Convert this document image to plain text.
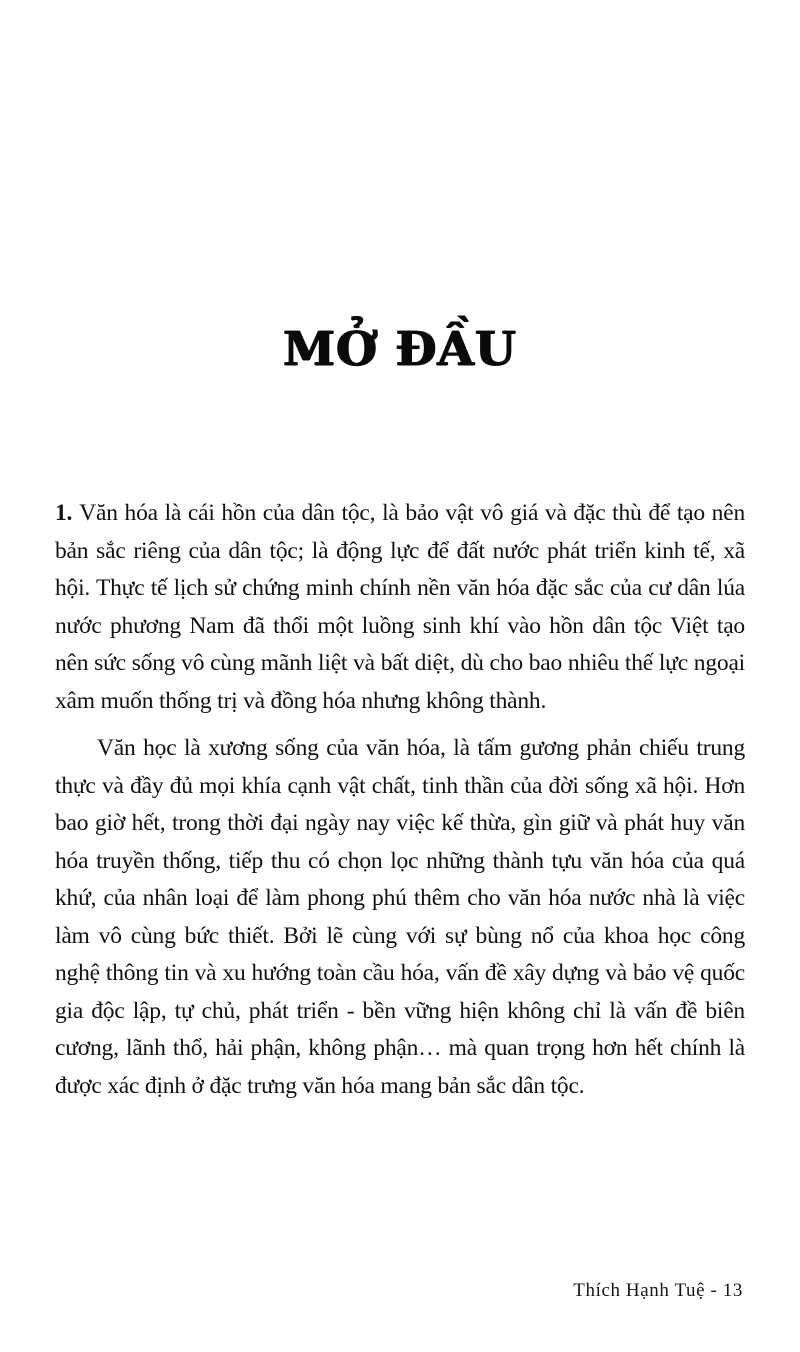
MỞ ĐẦU

1. Văn hóa là cái hồn của dân tộc, là bảo vật vô giá và đặc thù để tạo nên bản sắc riêng của dân tộc; là động lực để đất nước phát triển kinh tế, xã hội. Thực tế lịch sử chứng minh chính nền văn hóa đặc sắc của cư dân lúa nước phương Nam đã thổi một luồng sinh khí vào hồn dân tộc Việt tạo nên sức sống vô cùng mãnh liệt và bất diệt, dù cho bao nhiêu thế lực ngoại xâm muốn thống trị và đồng hóa nhưng không thành.

Văn học là xương sống của văn hóa, là tấm gương phản chiếu trung thực và đầy đủ mọi khía cạnh vật chất, tinh thần của đời sống xã hội. Hơn bao giờ hết, trong thời đại ngày nay việc kế thừa, gìn giữ và phát huy văn hóa truyền thống, tiếp thu có chọn lọc những thành tựu văn hóa của quá khứ, của nhân loại để làm phong phú thêm cho văn hóa nước nhà là việc làm vô cùng bức thiết. Bởi lẽ cùng với sự bùng nổ của khoa học công nghệ thông tin và xu hướng toàn cầu hóa, vấn đề xây dựng và bảo vệ quốc gia độc lập, tự chủ, phát triển - bền vững hiện không chỉ là vấn đề biên cương, lãnh thổ, hải phận, không phận… mà quan trọng hơn hết chính là được xác định ở đặc trưng văn hóa mang bản sắc dân tộc.

Thích Hạnh Tuệ - 13
